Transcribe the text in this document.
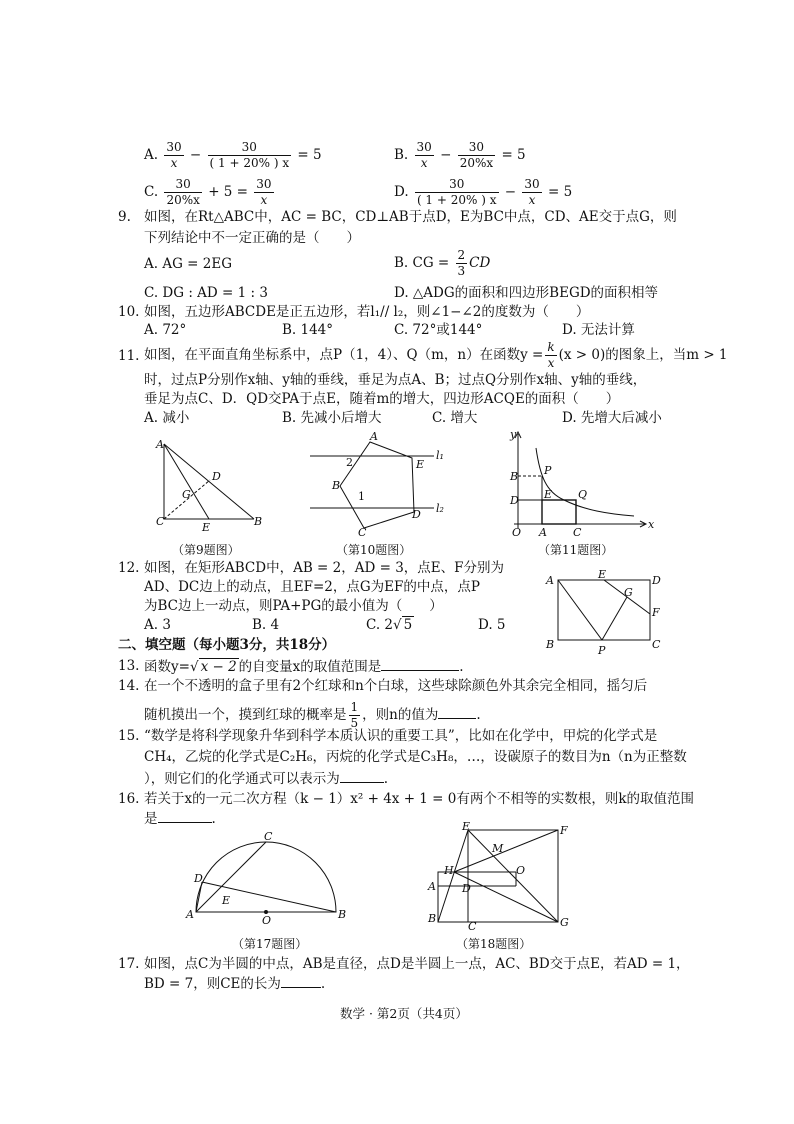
A. $\frac{30}{x} - \frac{30}{( 1 + 20\% ) x} = 5$	B. $\frac{30}{x} - \frac{30}{20\%x} = 5$
C. $\frac{30}{20\%x} + 5 = \frac{30}{x}$	D. $\frac{30}{( 1 + 20\% ) x} - \frac{30}{x} = 5$
9. 如图，在Rt△ABC中，AC = BC，CD⊥AB于点D，E为BC中点，CD、AE交于点G，则
下列结论中不一定正确的是（　　）
A. AG = 2EG	B. CG = $\frac{2}{3}$ CD
C. DG : AD = 1 : 3	D. △ADG的面积和四边形BEGD的面积相等
10. 如图，五边形ABCDE是正五边形，若l₁// l₂，则∠1−∠2的度数为（　　）
A. 72°	B. 144°	C. 72°或144°	D. 无法计算
11. 如图，在平面直角坐标系中，点P（1，4）、Q（m，n）在函数$y = \frac{k}{x} (x > 0)$的图象上，当m > 1
时，过点P分别作x轴、y轴的垂线，垂足为点A、B；过点Q分别作x轴、y轴的垂线，
垂足为点C、D．QD交PA于点E，随着m的增大，四边形ACQE的面积（　　）
A. 减小	B. 先减小后增大	C. 增大	D. 先增大后减小
A
C	B
D
G
E
（第9题图）
A
E
B
C
D
l₁
l₂
2
1
（第10题图）
y
x
O
P
B
D E Q
A C
（第11题图）
12. 如图，在矩形ABCD中，AB = 2，AD = 3，点E、F分别为
AD、DC边上的动点，且EF=2，点G为EF的中点，点P
为BC边上一动点，则PA+PG的最小值为（　　）
A. 3	B. 4	C. 2√ 5	D. 5
A	D
E
G
F
B	C
P
二、填空题（每小题3分，共18分）
13. 函数y=√ x − 2 的自变量x的取值范围是	.
14. 在一个不透明的盒子里有2个红球和n个白球，这些球除颜色外其余完全相同，摇匀后
随机摸出一个，摸到红球的概率是 $\frac{1}{5}$ ，则n的值为	.
15. “数学是将科学现象升华到科学本质认识的重要工具”，比如在化学中，甲烷的化学式是
CH₄，乙烷的化学式是C₂H₆，丙烷的化学式是C₃H₈，…，设碳原子的数目为n（n为正整数
），则它们的化学通式可以表示为	.
16. 若关于x的一元二次方程（k − 1）x² + 4x + 1 = 0有两个不相等的实数根，则k的取值范围
是	.
A	B
C
D
E
O
（第17题图）
E	F
M
O
H
A D
B
C	G
（第18题图）
17. 如图，点C为半圆的中点，AB是直径，点D是半圆上一点，AC、BD交于点E，若AD = 1，
BD = 7，则CE的长为	.
数学 · 第2页（共4页）
